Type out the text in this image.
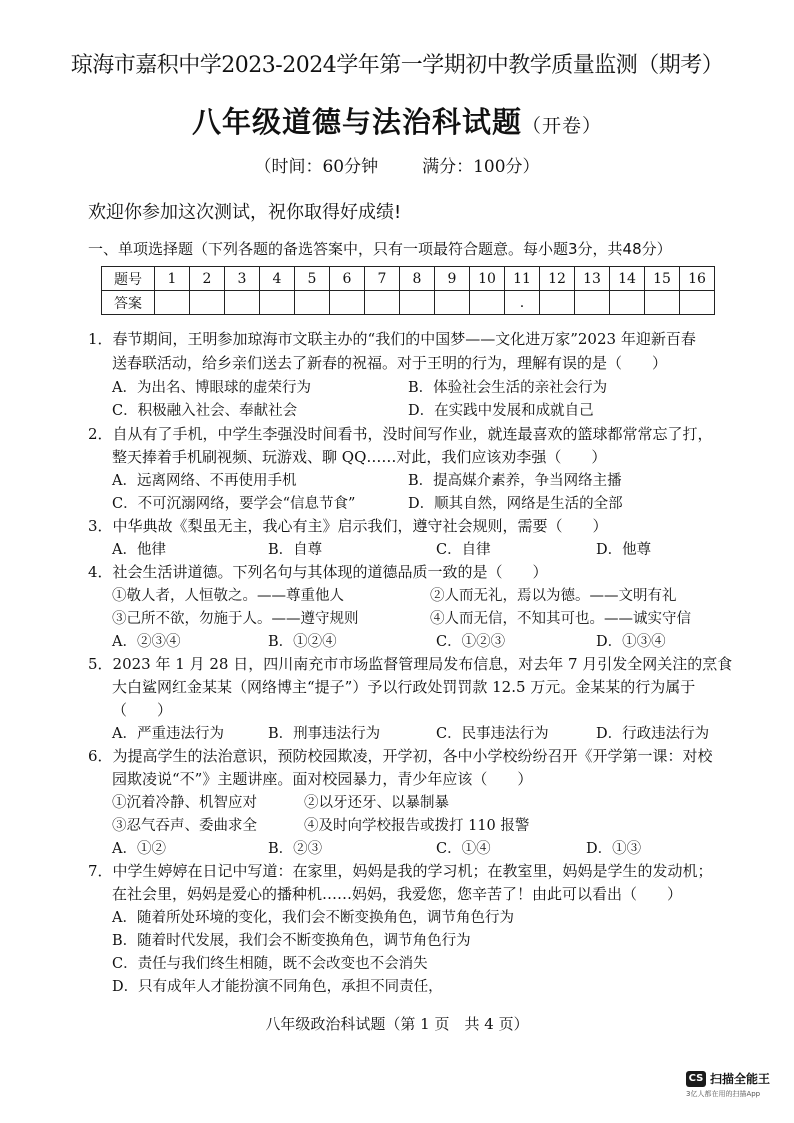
琼海市嘉积中学2023-2024学年第一学期初中教学质量监测（期考）
八年级道德与法治科试题（开卷）
（时间：60分钟	满分：100分）
欢迎你参加这次测试，祝你取得好成绩!
一、单项选择题（下列各题的备选答案中，只有一项最符合题意。每小题3分，共48分）
题号	1	2	3	4	5	6	7	8	9	10	11	12	13	14	15	16
答案											.					
1．春节期间，王明参加琼海市文联主办的“我们的中国梦——文化进万家”2023 年迎新百春
送春联活动，给乡亲们送去了新春的祝福。对于王明的行为，理解有误的是（　　）
A．为出名、博眼球的虚荣行为	B．体验社会生活的亲社会行为
C．积极融入社会、奉献社会	D．在实践中发展和成就自己
2．自从有了手机，中学生李强没时间看书，没时间写作业，就连最喜欢的篮球都常常忘了打，
整天捧着手机刷视频、玩游戏、聊 QQ……对此，我们应该劝李强（　　）
A．远离网络、不再使用手机	B．提高媒介素养，争当网络主播
C．不可沉溺网络，要学会“信息节食”	D．顺其自然，网络是生活的全部
3．中华典故《梨虽无主，我心有主》启示我们，遵守社会规则，需要（　　）
A．他律	B．自尊	C．自律	D．他尊
4．社会生活讲道德。下列名句与其体现的道德品质一致的是（　　）
①敬人者，人恒敬之。——尊重他人	②人而无礼，焉以为德。——文明有礼
③己所不欲，勿施于人。——遵守规则	④人而无信，不知其可也。——诚实守信
A．②③④	B．①②④	C．①②③	D．①③④
5．2023 年 1 月 28 日，四川南充市市场监督管理局发布信息，对去年 7 月引发全网关注的烹食
大白鲨网红金某某（网络博主“提子”）予以行政处罚罚款 12.5 万元。金某某的行为属于
（　　）
A．严重违法行为	B．刑事违法行为	C．民事违法行为	D．行政违法行为
6．为提高学生的法治意识，预防校园欺凌，开学初，各中小学校纷纷召开《开学第一课：对校
园欺凌说“不”》主题讲座。面对校园暴力，青少年应该（　　）
①沉着冷静、机智应对	②以牙还牙、以暴制暴
③忍气吞声、委曲求全	④及时向学校报告或拨打 110 报警
A．①②	B．②③	C．①④	D．①③
7．中学生婷婷在日记中写道：在家里，妈妈是我的学习机；在教室里，妈妈是学生的发动机；
在社会里，妈妈是爱心的播种机……妈妈，我爱您，您辛苦了！由此可以看出（　　）
A．随着所处环境的变化，我们会不断变换角色，调节角色行为
B．随着时代发展，我们会不断变换角色，调节角色行为
C．责任与我们终生相随，既不会改变也不会消失
D．只有成年人才能扮演不同角色，承担不同责任，
八年级政治科试题（第 1 页　共 4 页）
CS 扫描全能王
3亿人都在用的扫描App
